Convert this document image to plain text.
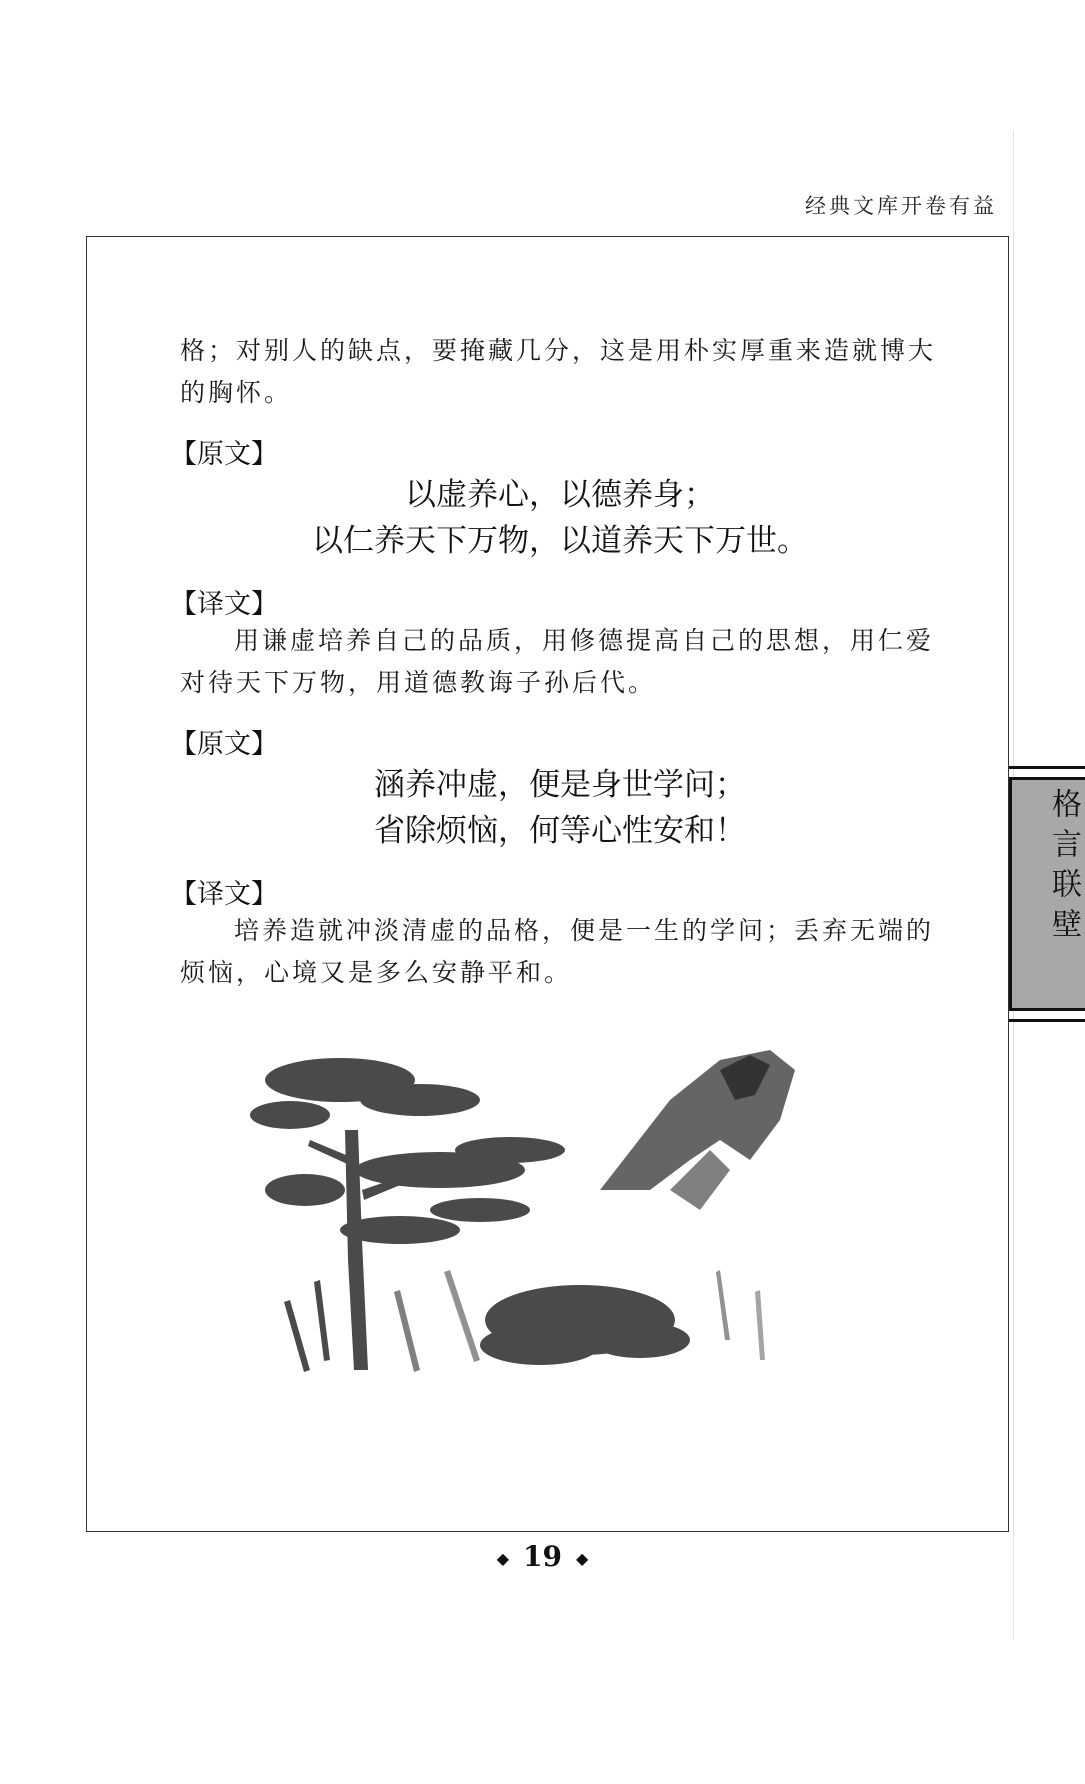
经典文库开卷有益

格；对别人的缺点，要掩藏几分，这是用朴实厚重来造就博大的胸怀。

【原文】

以虚养心，以德养身；

以仁养天下万物，以道养天下万世。

【译文】

用谦虚培养自己的品质，用修德提高自己的思想，用仁爱对待天下万物，用道德教诲子孙后代。

【原文】

涵养冲虚，便是身世学问；

省除烦恼，何等心性安和！

【译文】

培养造就冲淡清虚的品格，便是一生的学问；丢弃无端的烦恼，心境又是多么安静平和。

格言联壁
◆ 19 ◆
